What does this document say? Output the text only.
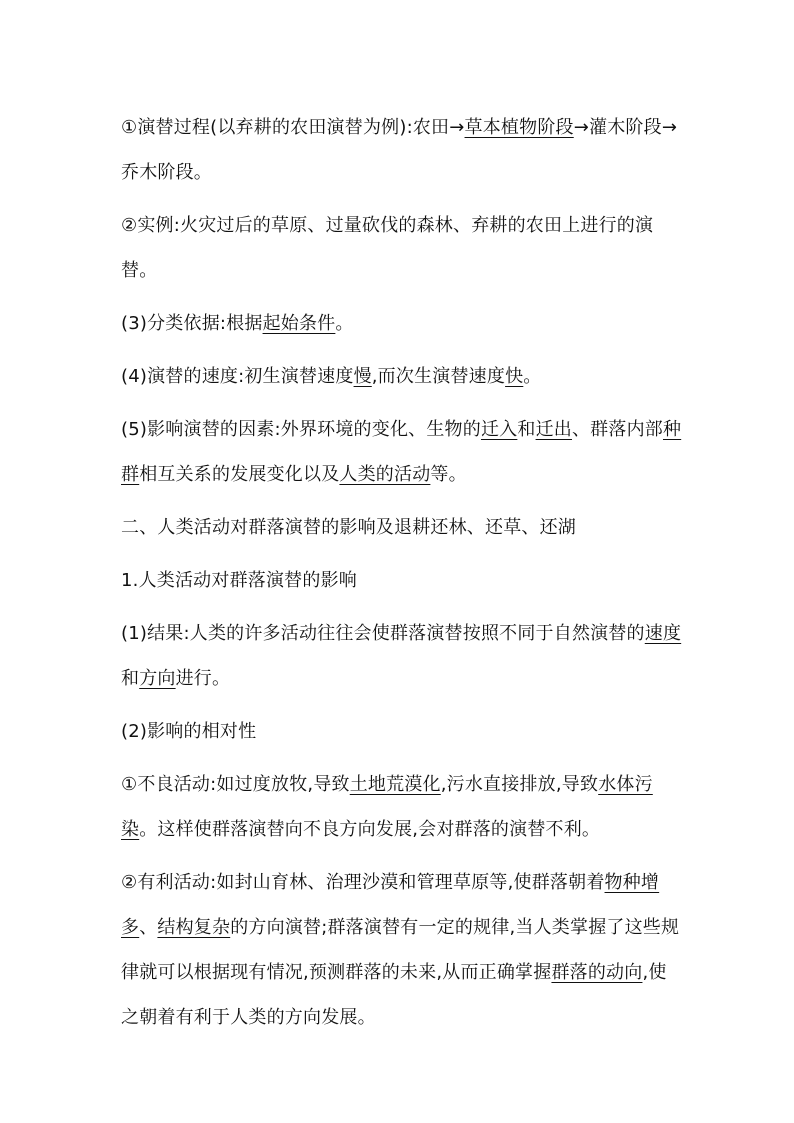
①演替过程(以弃耕的农田演替为例):农田→草本植物阶段→灌木阶段→乔木阶段。

②实例:火灾过后的草原、过量砍伐的森林、弃耕的农田上进行的演替。

(3)分类依据:根据起始条件。

(4)演替的速度:初生演替速度慢,而次生演替速度快。

(5)影响演替的因素:外界环境的变化、生物的迁入和迁出、群落内部种群相互关系的发展变化以及人类的活动等。

二、人类活动对群落演替的影响及退耕还林、还草、还湖

1.人类活动对群落演替的影响

(1)结果:人类的许多活动往往会使群落演替按照不同于自然演替的速度和方向进行。

(2)影响的相对性

①不良活动:如过度放牧,导致土地荒漠化,污水直接排放,导致水体污染。这样使群落演替向不良方向发展,会对群落的演替不利。

②有利活动:如封山育林、治理沙漠和管理草原等,使群落朝着物种增多、结构复杂的方向演替;群落演替有一定的规律,当人类掌握了这些规律就可以根据现有情况,预测群落的未来,从而正确掌握群落的动向,使之朝着有利于人类的方向发展。
